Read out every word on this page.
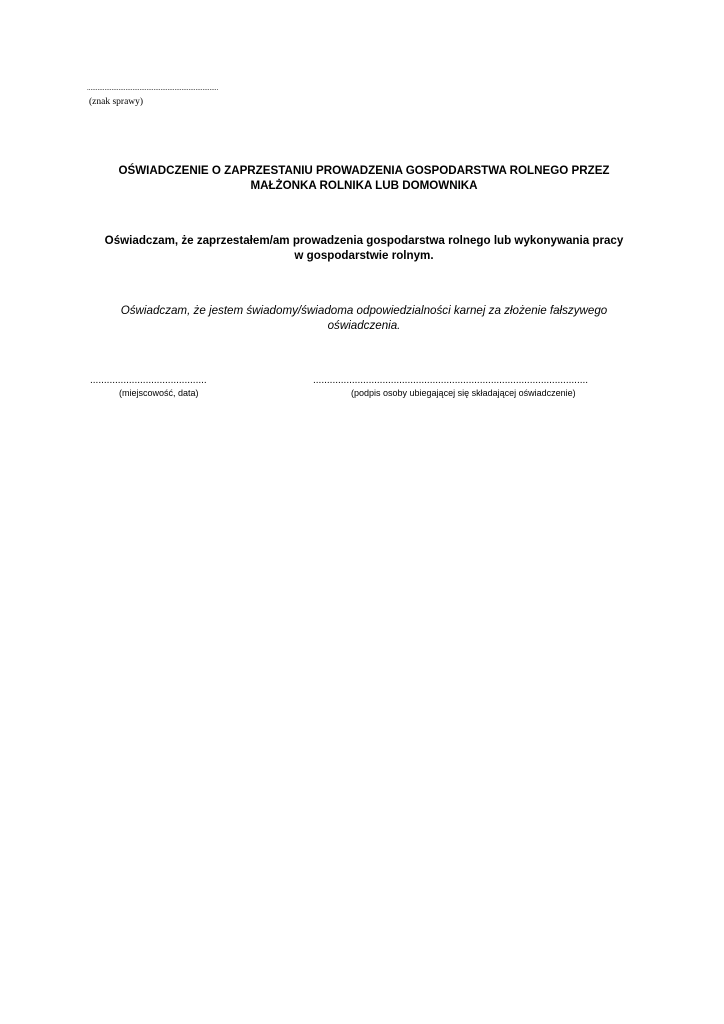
...........................................................................
(znak sprawy)
OŚWIADCZENIE O ZAPRZESTANIU PROWADZENIA GOSPODARSTWA ROLNEGO PRZEZ
MAŁŻONKA ROLNIKA LUB DOMOWNIKA
Oświadczam, że zaprzestałem/am prowadzenia gospodarstwa rolnego lub wykonywania pracy
w gospodarstwie rolnym.
Oświadczam, że jestem świadomy/świadoma odpowiedzialności karnej za złożenie fałszywego
oświadczenia.
..........................................	...................................................................................................
(miejscowość, data)	(podpis osoby ubiegającej się składającej oświadczenie)
